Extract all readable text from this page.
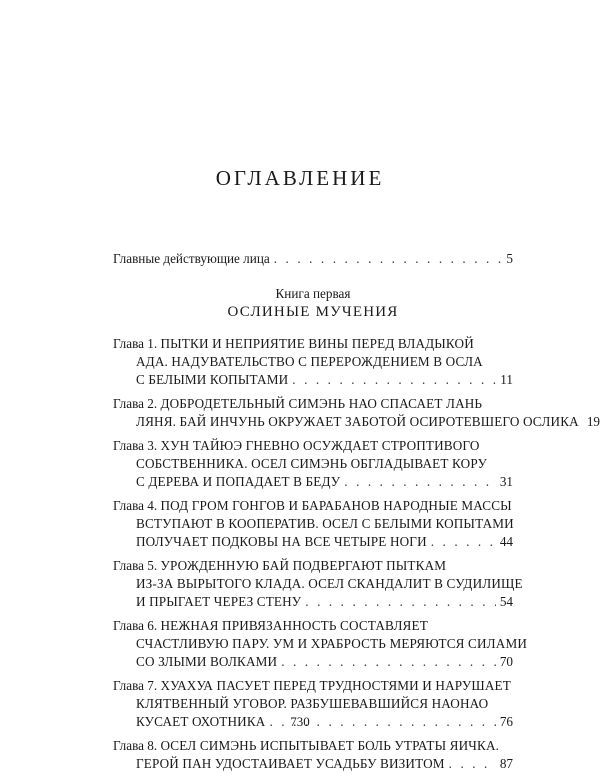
ОГЛАВЛЕНИЕ
Главные действующие лица . . .	5
Книга первая
ОСЛИНЫЕ МУЧЕНИЯ
Глава 1.
ПЫТКИ И НЕПРИЯТИЕ ВИНЫ ПЕРЕД ВЛАДЫКОЙ
АДА. НАДУВАТЕЛЬСТВО С ПЕРЕРОЖДЕНИЕМ В ОСЛА
С БЕЛЫМИ КОПЫТАМИ . . .	11
Глава 2.
ДОБРОДЕТЕЛЬНЫЙ СИМЭНЬ НАО СПАСАЕТ ЛАНЬ
ЛЯНЯ. БАЙ ИНЧУНЬ ОКРУЖАЕТ ЗАБОТОЙ ОСИРОТЕВШЕГО ОСЛИКА 19
Глава 3.
ХУН ТАЙЮЭ ГНЕВНО ОСУЖДАЕТ СТРОПТИВОГО
СОБСТВЕННИКА. ОСЕЛ СИМЭНЬ ОБГЛАДЫВАЕТ КОРУ
С ДЕРЕВА И ПОПАДАЕТ В БЕДУ . . .	31
Глава 4.
ПОД ГРОМ ГОНГОВ И БАРАБАНОВ НАРОДНЫЕ МАССЫ
ВСТУПАЮТ В КООПЕРАТИВ. ОСЕЛ С БЕЛЫМИ КОПЫТАМИ
ПОЛУЧАЕТ ПОДКОВЫ НА ВСЕ ЧЕТЫРЕ НОГИ . . .	44
Глава 5.
УРОЖДЕННУЮ БАЙ ПОДВЕРГАЮТ ПЫТКАМ
ИЗ-ЗА ВЫРЫТОГО КЛАДА. ОСЕЛ СКАНДАЛИТ В СУДИЛИЩЕ
И ПРЫГАЕТ ЧЕРЕЗ СТЕНУ . . .	54
Глава 6.
НЕЖНАЯ ПРИВЯЗАННОСТЬ СОСТАВЛЯЕТ
СЧАСТЛИВУЮ ПАРУ. УМ И ХРАБРОСТЬ МЕРЯЮТСЯ СИЛАМИ
СО ЗЛЫМИ ВОЛКАМИ . . .	70
Глава 7.
ХУАХУА ПАСУЕТ ПЕРЕД ТРУДНОСТЯМИ И НАРУШАЕТ
КЛЯТВЕННЫЙ УГОВОР. РАЗБУШЕВАВШИЙСЯ НАОНАО
КУСАЕТ ОХОТНИКА . . .	76
Глава 8.
ОСЕЛ СИМЭНЬ ИСПЫТЫВАЕТ БОЛЬ УТРАТЫ ЯИЧКА.
ГЕРОЙ ПАН УДОСТАИВАЕТ УСАДЬБУ ВИЗИТОМ . . .	87
730
